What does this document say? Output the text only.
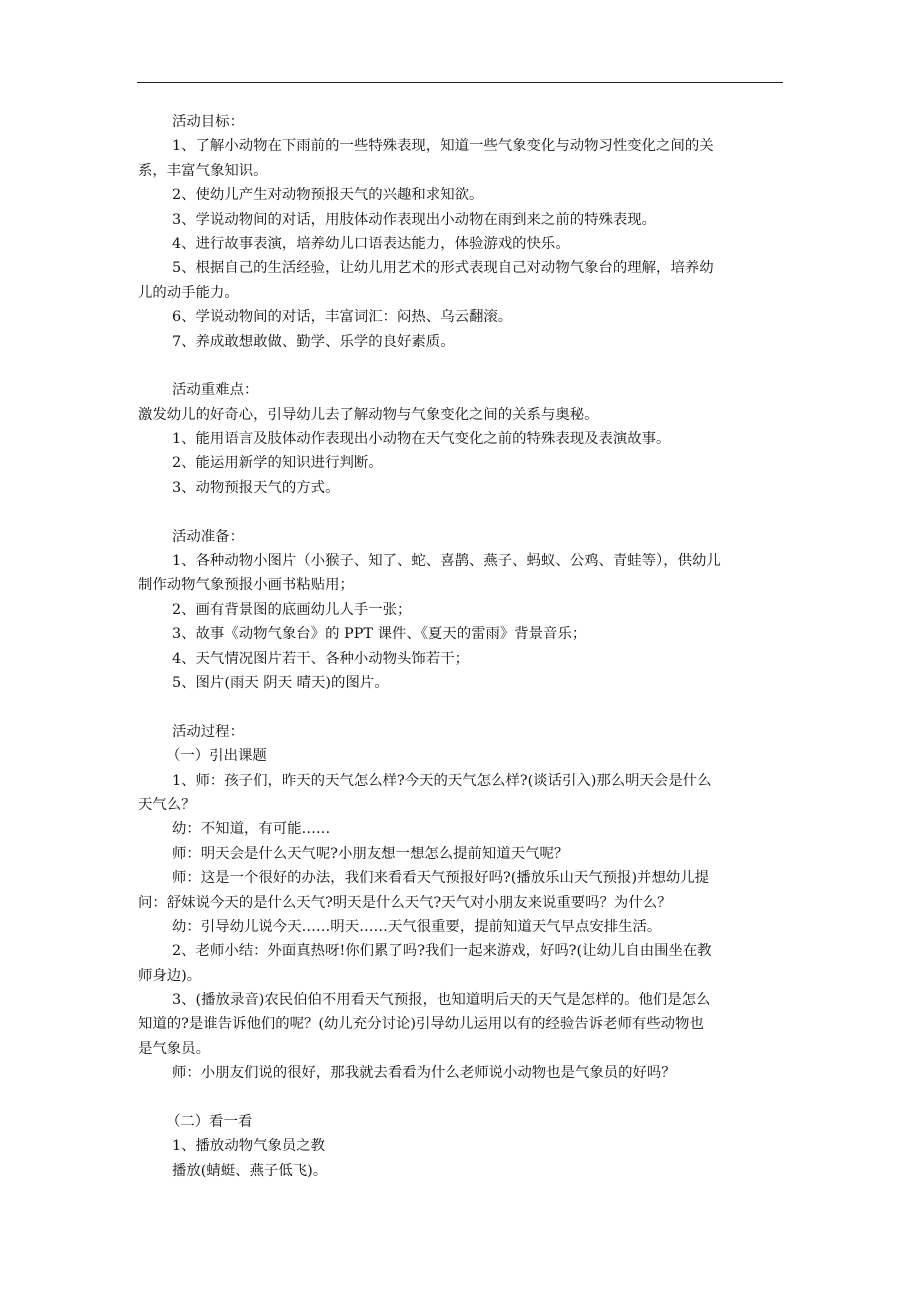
活动目标：
1、了解小动物在下雨前的一些特殊表现，知道一些气象变化与动物习性变化之间的关
系，丰富气象知识。
2、使幼儿产生对动物预报天气的兴趣和求知欲。
3、学说动物间的对话，用肢体动作表现出小动物在雨到来之前的特殊表现。
4、进行故事表演，培养幼儿口语表达能力，体验游戏的快乐。
5、根据自己的生活经验，让幼儿用艺术的形式表现自己对动物气象台的理解，培养幼
儿的动手能力。
6、学说动物间的对话，丰富词汇：闷热、乌云翻滚。
7、养成敢想敢做、勤学、乐学的良好素质。
活动重难点：
激发幼儿的好奇心，引导幼儿去了解动物与气象变化之间的关系与奥秘。
1、能用语言及肢体动作表现出小动物在天气变化之前的特殊表现及表演故事。
2、能运用新学的知识进行判断。
3、动物预报天气的方式。
活动准备：
1、各种动物小图片（小猴子、知了、蛇、喜鹊、燕子、蚂蚁、公鸡、青蛙等），供幼儿
制作动物气象预报小画书粘贴用；
2、画有背景图的底画幼儿人手一张；
3、故事《动物气象台》的 PPT 课件、《夏天的雷雨》背景音乐；
4、天气情况图片若干、各种小动物头饰若干；
5、图片(雨天 阴天 晴天)的图片。
活动过程：
（一）引出课题
1、师：孩子们，昨天的天气怎么样?今天的天气怎么样?(谈话引入)那么明天会是什么
天气么？
幼：不知道，有可能……
师：明天会是什么天气呢?小朋友想一想怎么提前知道天气呢？
师：这是一个很好的办法，我们来看看天气预报好吗?(播放乐山天气预报)并想幼儿提
问：舒妹说今天的是什么天气?明天是什么天气?天气对小朋友来说重要吗？为什么？
幼：引导幼儿说今天……明天……天气很重要，提前知道天气早点安排生活。
2、老师小结：外面真热呀!你们累了吗?我们一起来游戏，好吗?(让幼儿自由围坐在教
师身边)。
3、(播放录音)农民伯伯不用看天气预报，也知道明后天的天气是怎样的。他们是怎么
知道的?是谁告诉他们的呢？(幼儿充分讨论)引导幼儿运用以有的经验告诉老师有些动物也
是气象员。
师：小朋友们说的很好，那我就去看看为什么老师说小动物也是气象员的好吗？
（二）看一看
1、播放动物气象员之教
播放(蜻蜓、燕子低飞)。
